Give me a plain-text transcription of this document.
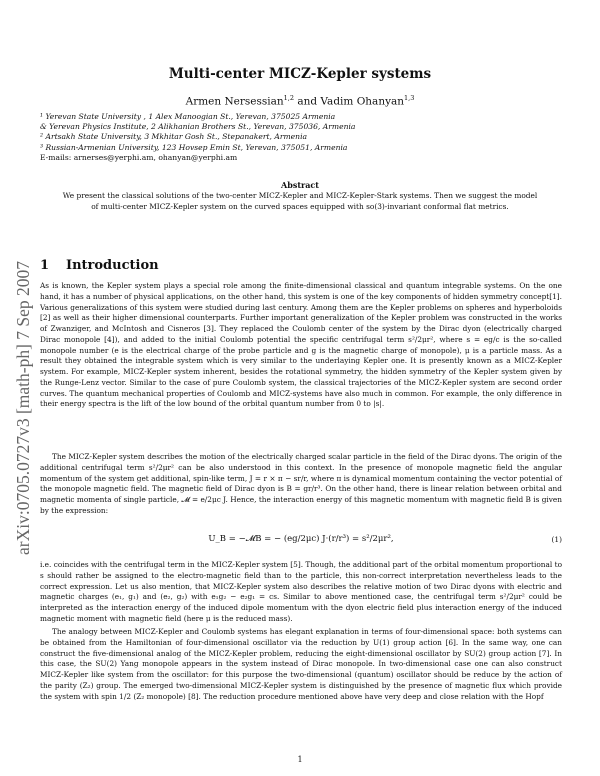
arXiv:0705.0727v3 [math-ph] 7 Sep 2007
Multi-center MICZ-Kepler systems
Armen Nersessian$^{1,2}$ and Vadim Ohanyan$^{1,3}$
¹ Yerevan State University , 1 Alex Manoogian St., Yerevan, 375025 Armenia
& Yerevan Physics Institute, 2 Alikhanian Brothers St., Yerevan, 375036, Armenia
² Artsakh State University, 3 Mkhitar Gosh St., Stepanakert, Armenia
³ Russian-Armenian University, 123 Hovsep Emin St, Yerevan, 375051, Armenia
E-mails: arnerses@yerphi.am, ohanyan@yerphi.am
Abstract
We present the classical solutions of the two-center MICZ-Kepler and MICZ-Kepler-Stark systems. Then we suggest the model of multi-center MICZ-Kepler system on the curved spaces equipped with so(3)-invariant conformal flat metrics.
1 Introduction

As is known, the Kepler system plays a special role among the finite-dimensional classical and quantum integrable systems. On the one hand, it has a number of physical applications, on the other hand, this system is one of the key components of hidden symmetry concept[1]. Various generalizations of this system were studied during last century. Among them are the Kepler problems on spheres and hyperboloids [2] as well as their higher dimensional counterparts. Further important generalization of the Kepler problem was constructed in the works of Zwanziger, and McIntosh and Cisneros [3]. They replaced the Coulomb center of the system by the Dirac dyon (electrically charged Dirac monopole [4]), and added to the initial Coulomb potential the specific centrifugal term s²/2μr², where s = eg/c is the so-called monopole number (e is the electrical charge of the probe particle and g is the magnetic charge of monopole), μ is a particle mass. As a result they obtained the integrable system which is very similar to the underlaying Kepler one. It is presently known as a MICZ-Kepler system. For example, MICZ-Kepler system inherent, besides the rotational symmetry, the hidden symmetry of the Kepler system given by the Runge-Lenz vector. Similar to the case of pure Coulomb system, the classical trajectories of the MICZ-Kepler system are second order curves. The quantum mechanical properties of Coulomb and MICZ-systems have also much in common. For example, the only difference in their energy spectra is the lift of the low bound of the orbital quantum number from 0 to |s|.

The MICZ-Kepler system describes the motion of the electrically charged scalar particle in the field of the Dirac dyons. The origin of the additional centrifugal term s²/2μr² can be also understood in this context. In the presence of monopole magnetic field the angular momentum of the system get additional, spin-like term, J = r × π − sr/r, where π is dynamical momentum containing the vector potential of the monopole magnetic field. The magnetic field of Dirac dyon is B = gr/r³. On the other hand, there is linear relation between orbital and magnetic momenta of single particle, 𝓜 = e/2μc J. Hence, the interaction energy of this magnetic momentum with magnetic field B is given by the expression:

U_B = −𝓜B = − (eg/2μc) J·(r/r³) = s²/2μr²,	(1)

i.e. coincides with the centrifugal term in the MICZ-Kepler system [5]. Though, the additional part of the orbital momentum proportional to s should rather be assigned to the electro-magnetic field than to the particle, this non-correct interpretation nevertheless leads to the correct expression. Let us also mention, that MICZ-Kepler system also describes the relative motion of two Dirac dyons with electric and magnetic charges (e₁, g₁) and (e₂, g₂) with e₁g₂ − e₂g₁ = cs. Similar to above mentioned case, the centrifugal term s²/2μr² could be interpreted as the interaction energy of the induced dipole momentum with the dyon electric field plus interaction energy of the induced magnetic moment with magnetic field (here μ is the reduced mass).

The analogy between MICZ-Kepler and Coulomb systems has elegant explanation in terms of four-dimensional space: both systems can be obtained from the Hamiltonian of four-dimensional oscillator via the reduction by U(1) group action [6]. In the same way, one can construct the five-dimensional analog of the MICZ-Kepler problem, reducing the eight-dimensional oscillator by SU(2) group action [7]. In this case, the SU(2) Yang monopole appears in the system instead of Dirac monopole. In two-dimensional case one can also construct MICZ-Kepler like system from the oscillator: for this purpose the two-dimensional (quantum) oscillator should be reduce by the action of the parity (Z₂) group. The emerged two-dimensional MICZ-Kepler system is distinguished by the presence of magnetic flux which provide the system with spin 1/2 (Z₂ monopole) [8]. The reduction procedure mentioned above have very deep and close relation with the Hopf

1
